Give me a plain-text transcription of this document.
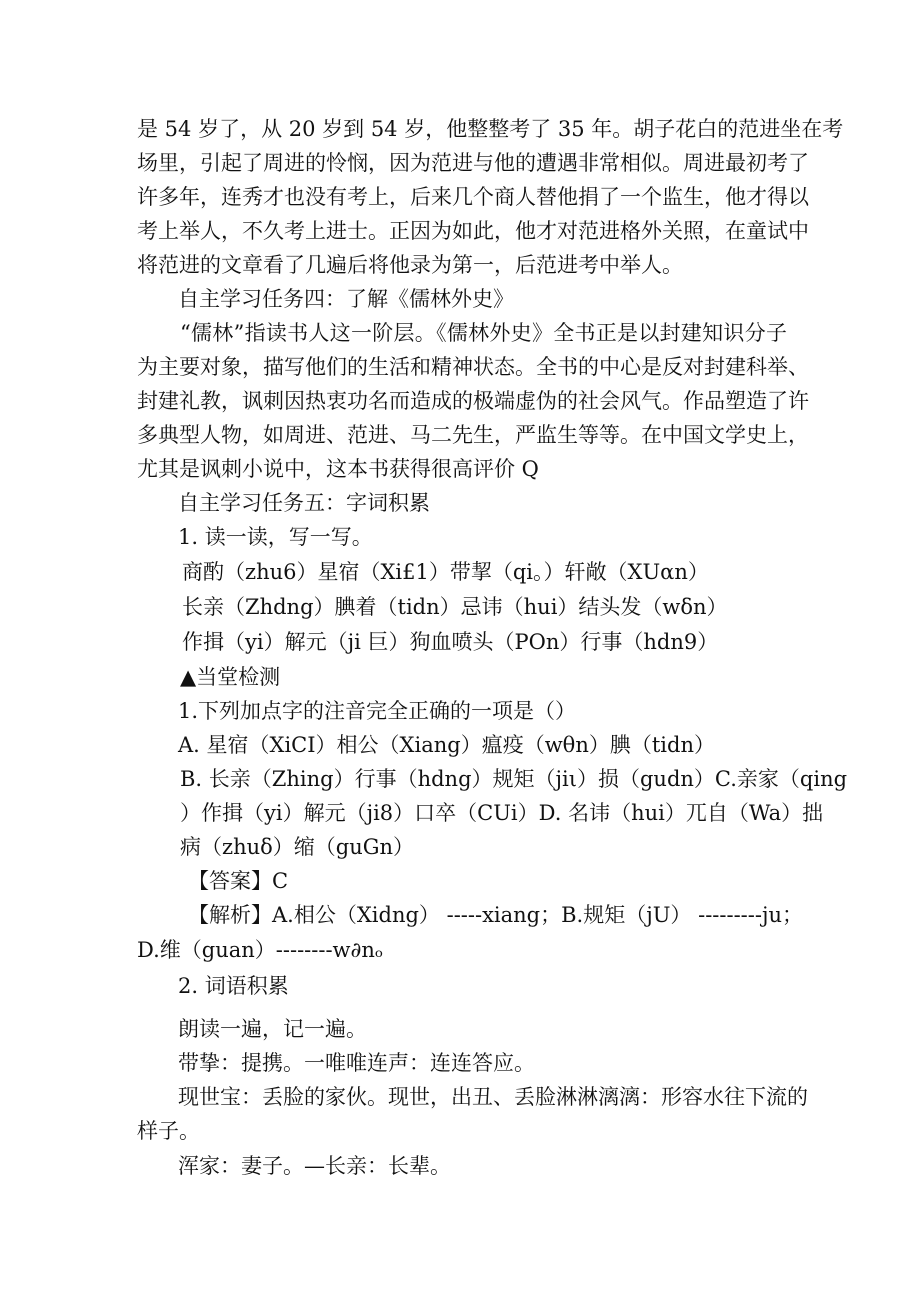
是 54 岁了，从 20 岁到 54 岁，他整整考了 35 年。胡子花白的范进坐在考
场里，引起了周进的怜悯，因为范进与他的遭遇非常相似。周进最初考了
许多年，连秀才也没有考上，后来几个商人替他捐了一个监生，他才得以
考上举人，不久考上进士。正因为如此，他才对范进格外关照，在童试中
将范进的文章看了几遍后将他录为第一，后范进考中举人。
自主学习任务四：了解《儒林外史》
“儒林”指读书人这一阶层。《儒林外史》全书正是以封建知识分子
为主要对象，描写他们的生活和精神状态。全书的中心是反对封建科举、
封建礼教，讽刺因热衷功名而造成的极端虚伪的社会风气。作品塑造了许
多典型人物，如周进、范进、马二先生，严监生等等。在中国文学史上，
尤其是讽刺小说中，这本书获得很高评价 Q
自主学习任务五：字词积累
1. 读一读，写一写。
商酌（zhu6）星宿（Xi£1）带挈（qi。）轩敞（XUαn）
长亲（Zhdng）腆着（tidn）忌讳（hui）结头发（wδn）
作揖（yi）解元（ji 巨）狗血喷头（POn）行事（hdn9）
▲当堂检测
1.下列加点字的注音完全正确的一项是（）
A. 星宿（XiCI）相公（Xiang）瘟疫（wθn）腆（tidn）
B. 长亲（Zhing）行事（hdng）规矩（jiι）损（gudn）C.亲家（qing
）作揖（yi）解元（ji8）口卒（CUi）D. 名讳（hui）兀自（Wa）拙
病（zhuδ）缩（guGn）
【答案】C
【解析】A.相公（Xidng） -----xiang；B.规矩（jU） ---------ju；
D.维（guan）--------w∂nₒ
2. 词语积累
朗读一遍，记一遍。
带挚：提携。一唯唯连声：连连答应。
现世宝：丢脸的家伙。现世，出丑、丢脸淋淋漓漓：形容水往下流的
样子。
浑家：妻子。—长亲：长辈。
